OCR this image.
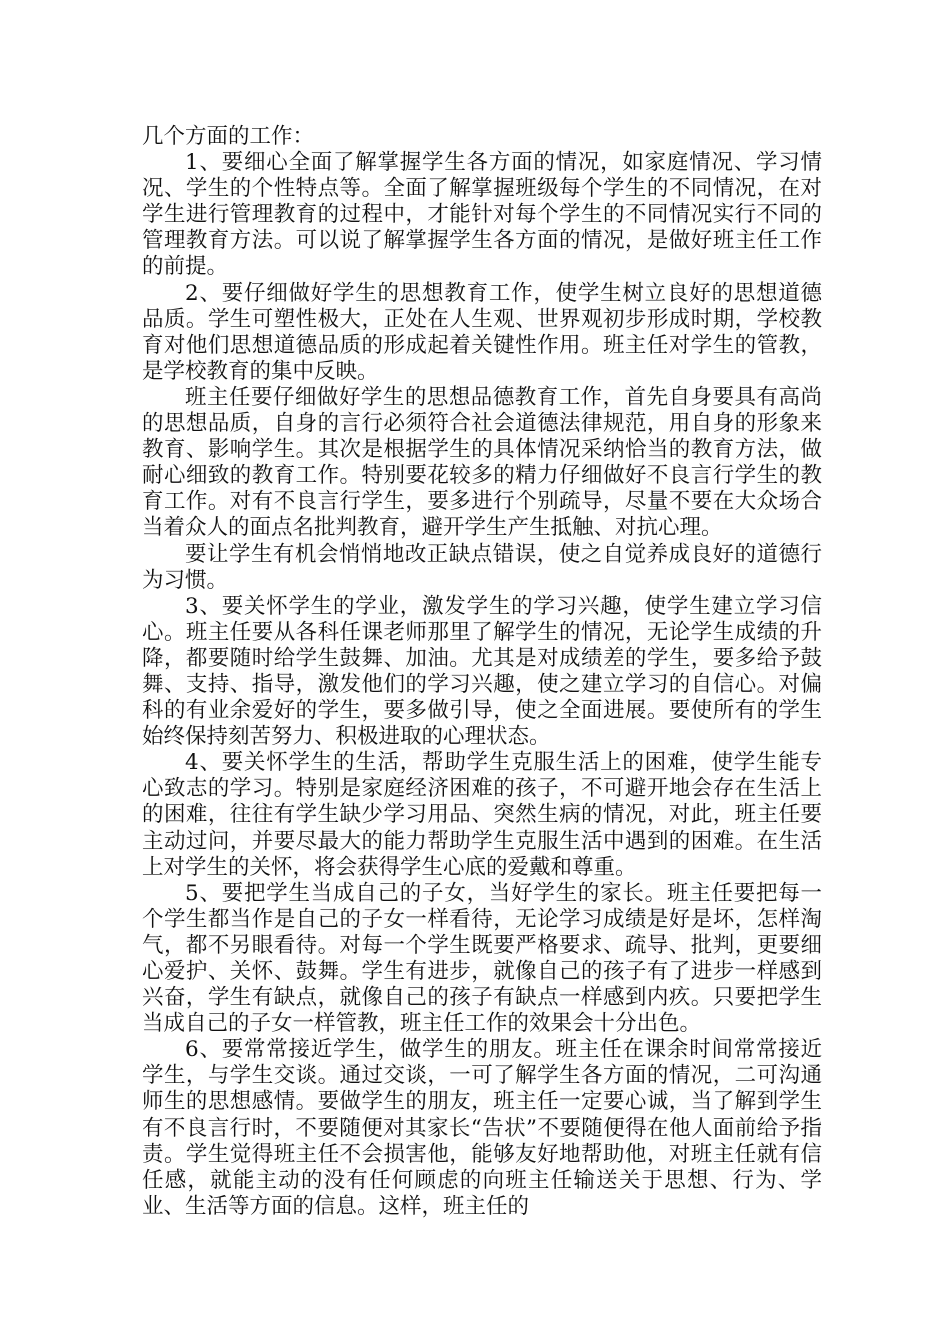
几个方面的工作：

1、要细心全面了解掌握学生各方面的情况，如家庭情况、学习情况、学生的个性特点等。全面了解掌握班级每个学生的不同情况，在对学生进行管理教育的过程中，才能针对每个学生的不同情况实行不同的管理教育方法。可以说了解掌握学生各方面的情况，是做好班主任工作的前提。

2、要仔细做好学生的思想教育工作，使学生树立良好的思想道德品质。学生可塑性极大，正处在人生观、世界观初步形成时期，学校教育对他们思想道德品质的形成起着关键性作用。班主任对学生的管教，是学校教育的集中反映。

班主任要仔细做好学生的思想品德教育工作，首先自身要具有高尚的思想品质，自身的言行必须符合社会道德法律规范，用自身的形象来教育、影响学生。其次是根据学生的具体情况采纳恰当的教育方法，做耐心细致的教育工作。特别要花较多的精力仔细做好不良言行学生的教育工作。对有不良言行学生，要多进行个别疏导，尽量不要在大众场合当着众人的面点名批判教育，避开学生产生抵触、对抗心理。

要让学生有机会悄悄地改正缺点错误，使之自觉养成良好的道德行为习惯。

3、要关怀学生的学业，激发学生的学习兴趣，使学生建立学习信心。班主任要从各科任课老师那里了解学生的情况，无论学生成绩的升降，都要随时给学生鼓舞、加油。尤其是对成绩差的学生，要多给予鼓舞、支持、指导，激发他们的学习兴趣，使之建立学习的自信心。对偏科的有业余爱好的学生，要多做引导，使之全面进展。要使所有的学生始终保持刻苦努力、积极进取的心理状态。

4、要关怀学生的生活，帮助学生克服生活上的困难，使学生能专心致志的学习。特别是家庭经济困难的孩子，不可避开地会存在生活上的困难，往往有学生缺少学习用品、突然生病的情况，对此，班主任要主动过问，并要尽最大的能力帮助学生克服生活中遇到的困难。在生活上对学生的关怀，将会获得学生心底的爱戴和尊重。

5、要把学生当成自己的子女，当好学生的家长。班主任要把每一个学生都当作是自己的子女一样看待，无论学习成绩是好是坏，怎样淘气，都不另眼看待。对每一个学生既要严格要求、疏导、批判，更要细心爱护、关怀、鼓舞。学生有进步，就像自己的孩子有了进步一样感到兴奋，学生有缺点，就像自己的孩子有缺点一样感到内疚。只要把学生当成自己的子女一样管教，班主任工作的效果会十分出色。

6、要常常接近学生，做学生的朋友。班主任在课余时间常常接近学生，与学生交谈。通过交谈，一可了解学生各方面的情况，二可沟通师生的思想感情。要做学生的朋友，班主任一定要心诚，当了解到学生有不良言行时，不要随便对其家长“告状”不要随便得在他人面前给予指责。学生觉得班主任不会损害他，能够友好地帮助他，对班主任就有信任感，就能主动的没有任何顾虑的向班主任输送关于思想、行为、学业、生活等方面的信息。这样，班主任的
